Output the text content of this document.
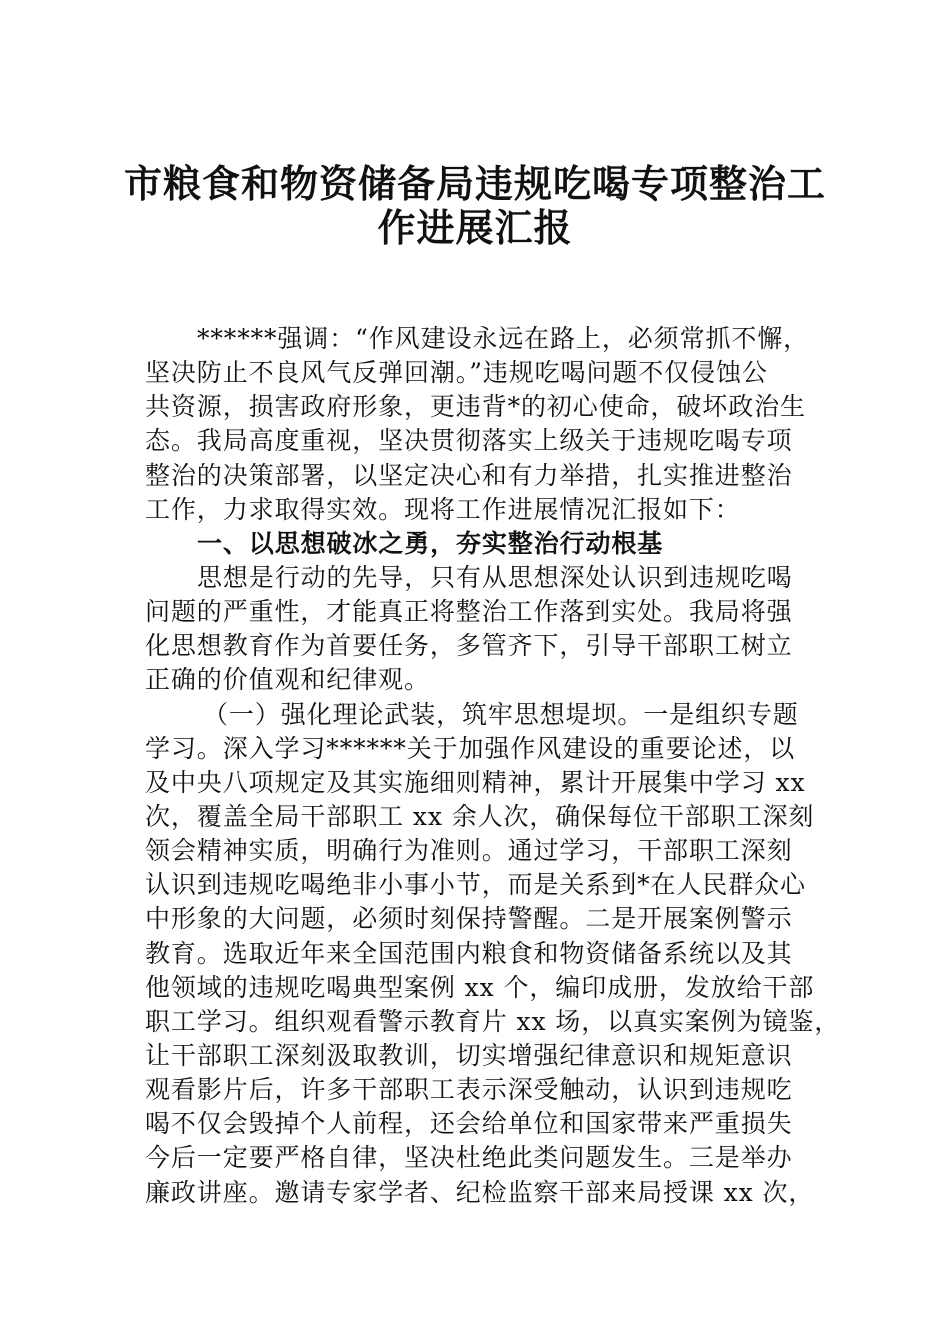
市粮食和物资储备局违规吃喝专项整治工
作进展汇报
******强调：“作风建设永远在路上，必须常抓不懈，
坚决防止不良风气反弹回潮。”违规吃喝问题不仅侵蚀公
共资源，损害政府形象，更违背*的初心使命，破坏政治生
态。我局高度重视，坚决贯彻落实上级关于违规吃喝专项
整治的决策部署，以坚定决心和有力举措，扎实推进整治
工作，力求取得实效。现将工作进展情况汇报如下：
一、以思想破冰之勇，夯实整治行动根基
思想是行动的先导，只有从思想深处认识到违规吃喝
问题的严重性，才能真正将整治工作落到实处。我局将强
化思想教育作为首要任务，多管齐下，引导干部职工树立
正确的价值观和纪律观。
（一）强化理论武装，筑牢思想堤坝。一是组织专题
学习。深入学习******关于加强作风建设的重要论述，以
及中央八项规定及其实施细则精神，累计开展集中学习 xx
次，覆盖全局干部职工 xx 余人次，确保每位干部职工深刻
领会精神实质，明确行为准则。通过学习，干部职工深刻
认识到违规吃喝绝非小事小节，而是关系到*在人民群众心
中形象的大问题，必须时刻保持警醒。二是开展案例警示
教育。选取近年来全国范围内粮食和物资储备系统以及其
他领域的违规吃喝典型案例 xx 个，编印成册，发放给干部
职工学习。组织观看警示教育片 xx 场，以真实案例为镜鉴，
让干部职工深刻汲取教训，切实增强纪律意识和规矩意识
观看影片后，许多干部职工表示深受触动，认识到违规吃
喝不仅会毁掉个人前程，还会给单位和国家带来严重损失
今后一定要严格自律，坚决杜绝此类问题发生。三是举办
廉政讲座。邀请专家学者、纪检监察干部来局授课 xx 次，
